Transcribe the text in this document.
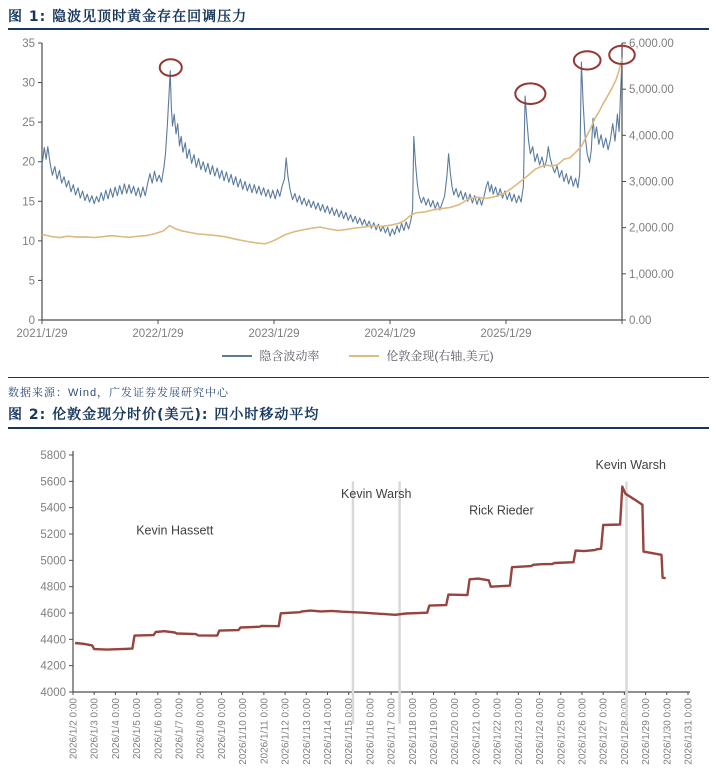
图 1: 隐波见顶时黄金存在回调压力
0
5
10
15
20
25
30
35
0.00
1,000.00
2,000.00
3,000.00
4,000.00
5,000.00
6,000.00
2021/1/29	2022/1/29	2023/1/29	2024/1/29	2025/1/29
隐含波动率	伦敦金现(右轴,美元)
数据来源：Wind，广发证券发展研究中心
图 2: 伦敦金现分时价(美元): 四小时移动平均
4000
4200
4400
4600
4800
5000
5200
5400
5600
5800
2026/1/2 0:00 2026/1/3 0:00 2026/1/4 0:00 2026/1/5 0:00 2026/1/6 0:00 2026/1/7 0:00 2026/1/8 0:00 2026/1/9 0:00 2026/1/10 0:00 2026/1/11 0:00 2026/1/12 0:00 2026/1/13 0:00 2026/1/14 0:00 2026/1/15 0:00 2026/1/16 0:00 2026/1/17 0:00 2026/1/18 0:00 2026/1/19 0:00 2026/1/20 0:00 2026/1/21 0:00 2026/1/22 0:00 2026/1/23 0:00 2026/1/24 0:00 2026/1/25 0:00 2026/1/26 0:00 2026/1/27 0:00 2026/1/28 0:00 2026/1/29 0:00 2026/1/30 0:00 2026/1/31 0:00
Kevin Hassett
Kevin Warsh
Rick Rieder
Kevin Warsh
